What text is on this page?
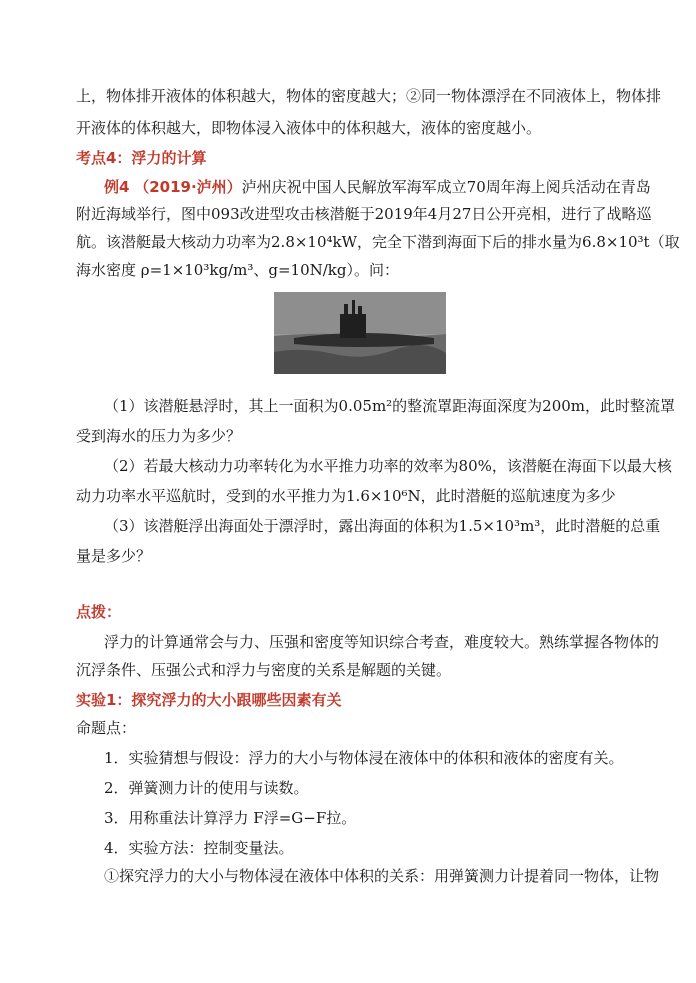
上，物体排开液体的体积越大，物体的密度越大；②同一物体漂浮在不同液体上，物体排
开液体的体积越大，即物体浸入液体中的体积越大，液体的密度越小。
考点4：浮力的计算
例4 （2019·泸州）泸州庆祝中国人民解放军海军成立70周年海上阅兵活动在青岛
附近海域举行，图中093改进型攻击核潜艇于2019年4月27日公开亮相，进行了战略巡
航。该潜艇最大核动力功率为2.8×10⁴kW，完全下潜到海面下后的排水量为6.8×10³t（取
海水密度 ρ=1×10³kg/m³、g=10N/kg）。问：
（1）该潜艇悬浮时，其上一面积为0.05m²的整流罩距海面深度为200m，此时整流罩
受到海水的压力为多少？
（2）若最大核动力功率转化为水平推力功率的效率为80%，该潜艇在海面下以最大核
动力功率水平巡航时，受到的水平推力为1.6×10⁶N，此时潜艇的巡航速度为多少
（3）该潜艇浮出海面处于漂浮时，露出海面的体积为1.5×10³m³，此时潜艇的总重
量是多少？
点拨：
浮力的计算通常会与力、压强和密度等知识综合考查，难度较大。熟练掌握各物体的
沉浮条件、压强公式和浮力与密度的关系是解题的关键。
实验1：探究浮力的大小跟哪些因素有关
命题点：
1．实验猜想与假设：浮力的大小与物体浸在液体中的体积和液体的密度有关。
2．弹簧测力计的使用与读数。
3．用称重法计算浮力 F浮=G−F拉。
4．实验方法：控制变量法。
①探究浮力的大小与物体浸在液体中体积的关系：用弹簧测力计提着同一物体，让物
